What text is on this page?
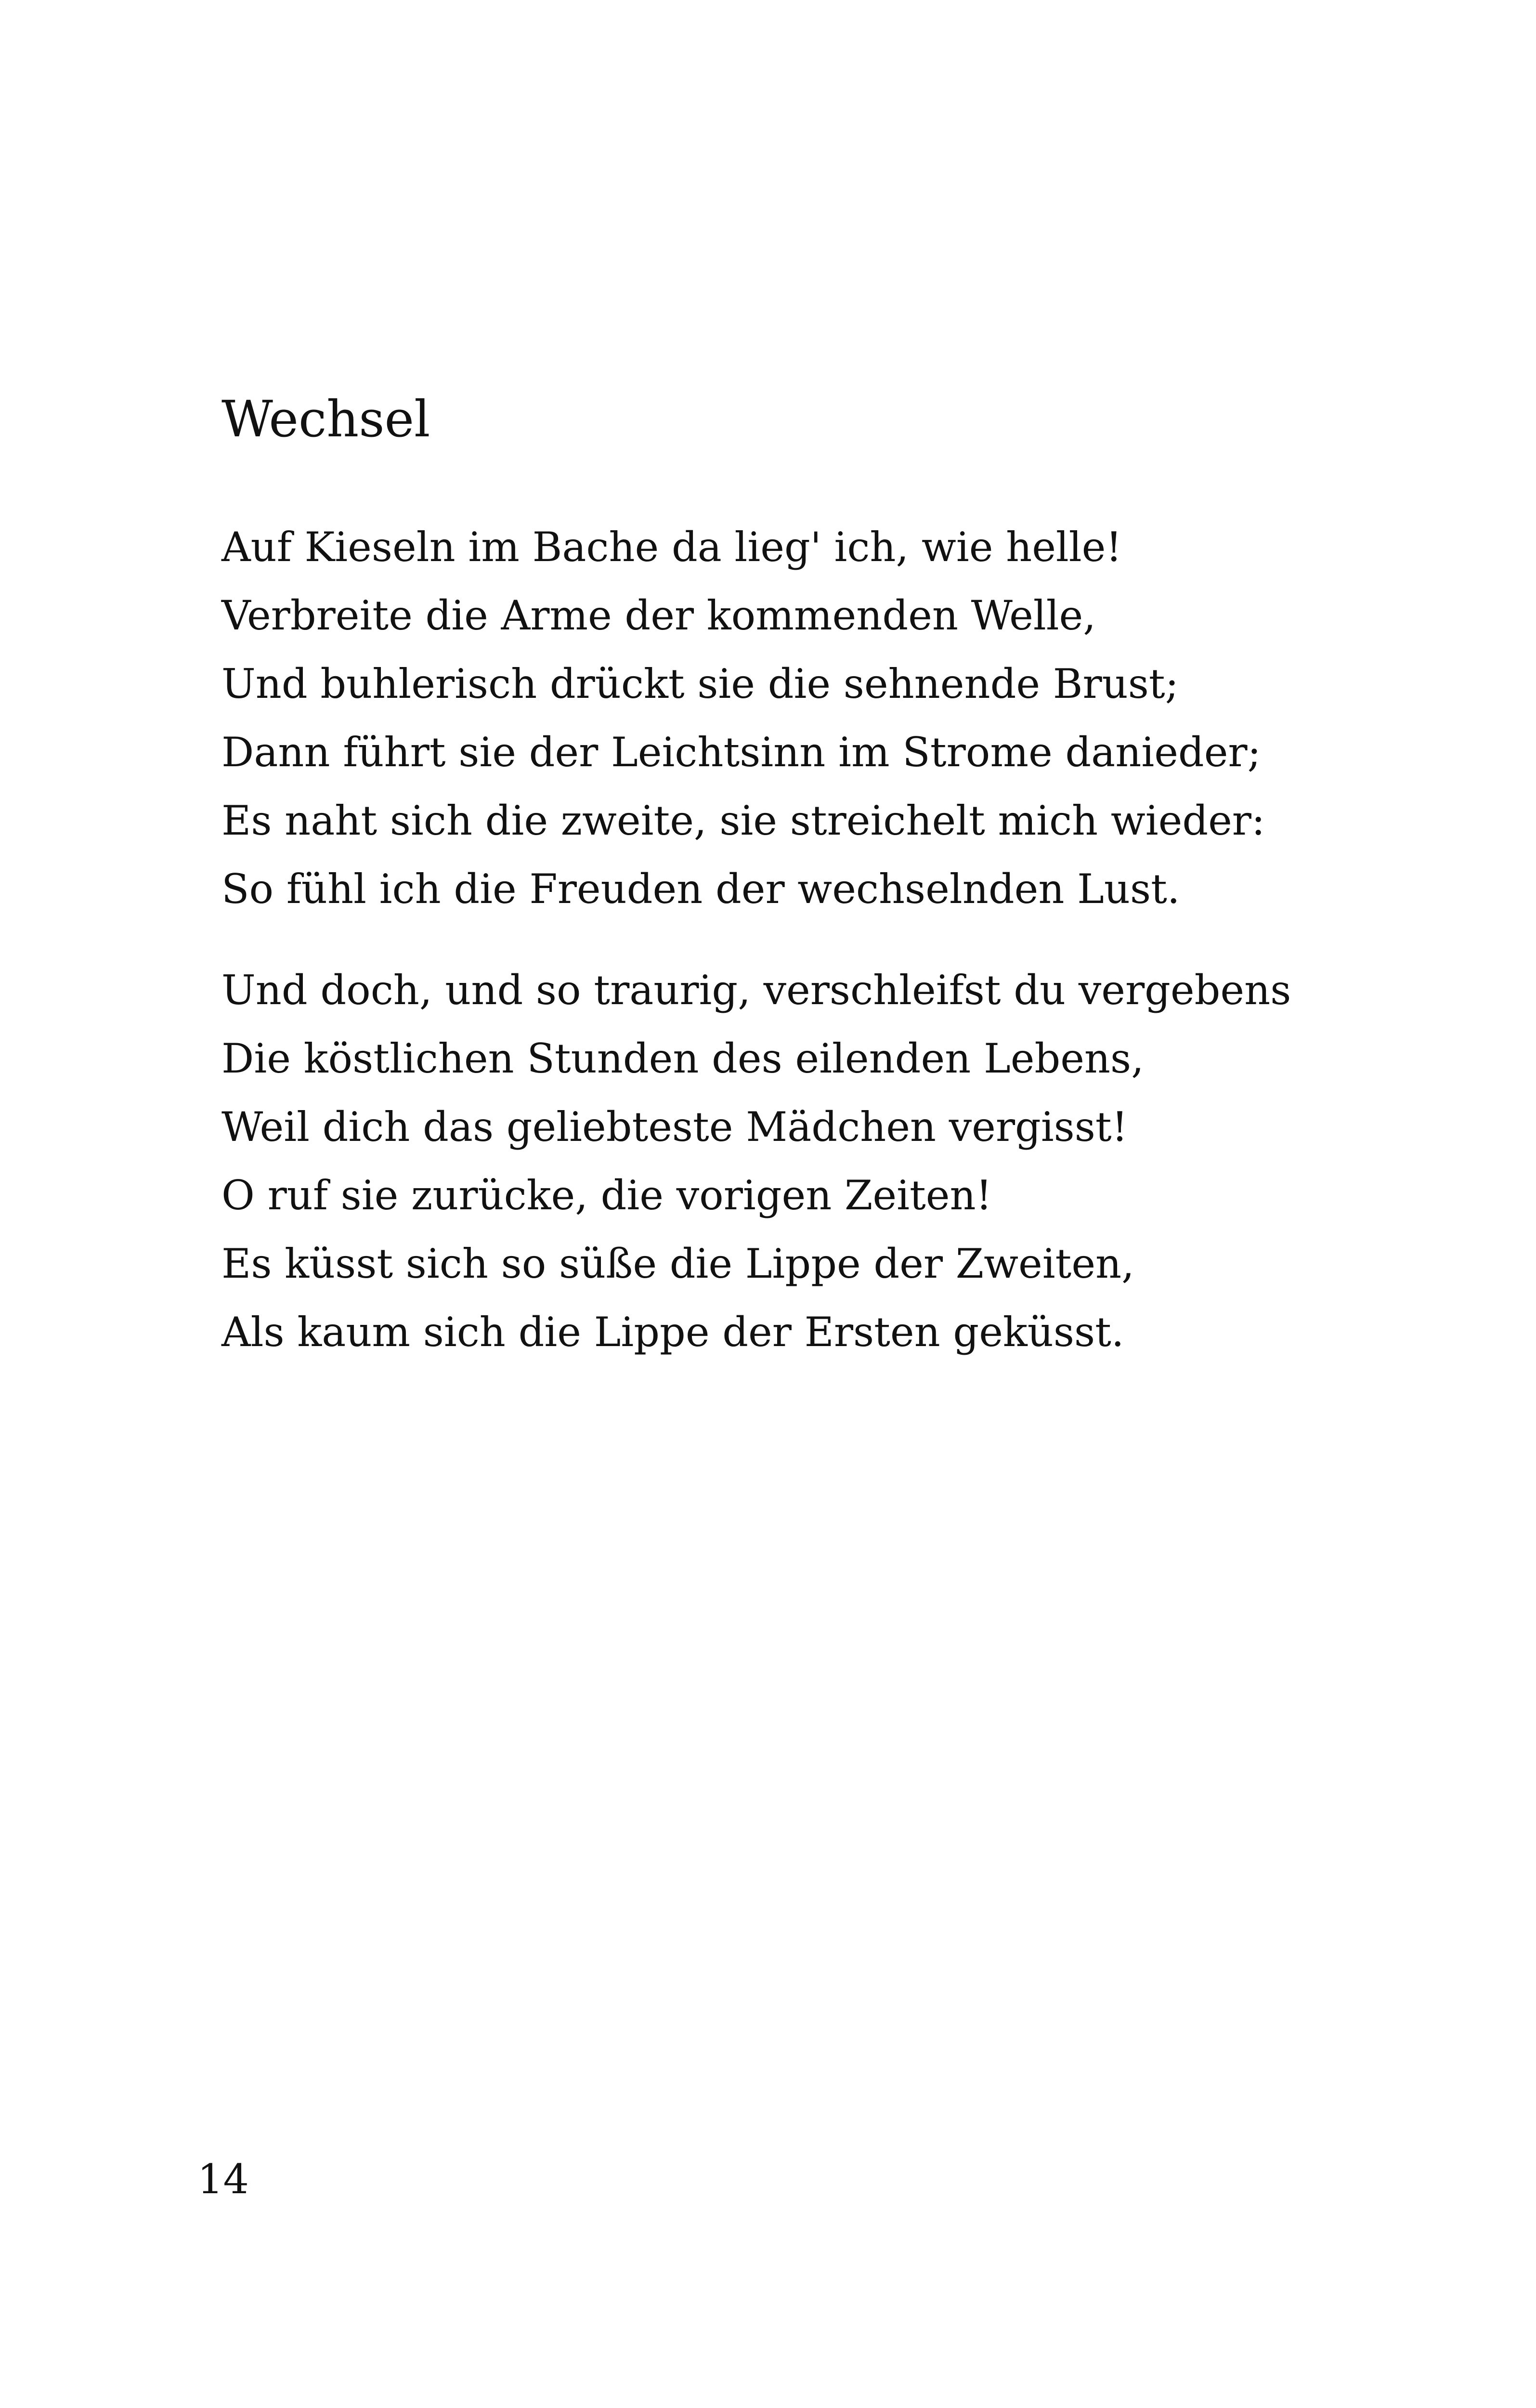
Wechsel
Auf Kieseln im Bache da lieg' ich, wie helle!
Verbreite die Arme der kommenden Welle,
Und buhlerisch drückt sie die sehnende Brust;
Dann führt sie der Leichtsinn im Strome danieder;
Es naht sich die zweite, sie streichelt mich wieder:
So fühl ich die Freuden der wechselnden Lust.
Und doch, und so traurig, verschleifst du vergebens
Die köstlichen Stunden des eilenden Lebens,
Weil dich das geliebteste Mädchen vergisst!
O ruf sie zurücke, die vorigen Zeiten!
Es küsst sich so süße die Lippe der Zweiten,
Als kaum sich die Lippe der Ersten geküsst.
14
